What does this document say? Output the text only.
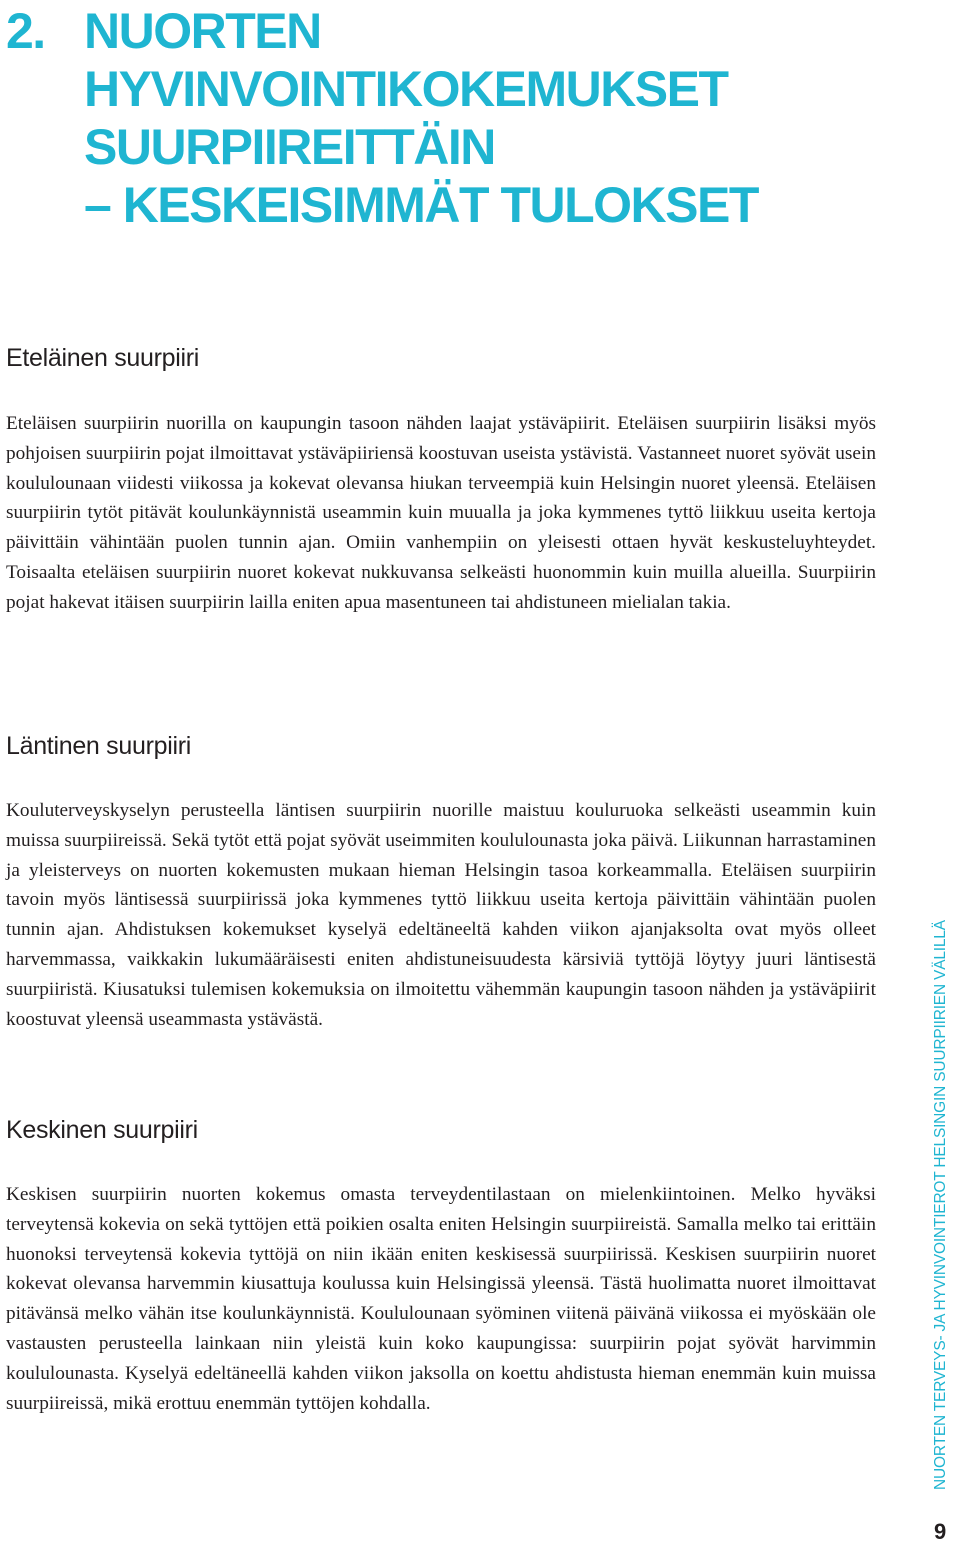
2. NUORTEN HYVINVOINTIKOKEMUKSET
SUURPIIREITTÄIN
– KESKEISIMMÄT TULOKSET
Eteläinen suurpiiri

Eteläisen suurpiirin nuorilla on kaupungin tasoon nähden laajat ystäväpiirit. Eteläisen suurpiirin lisäksi myös pohjoisen suurpiirin pojat ilmoittavat ystäväpiiriensä koostuvan useista ystävistä. Vastanneet nuoret syövät usein koululounaan viidesti viikossa ja kokevat olevansa hiukan terveempiä kuin Helsingin nuoret yleensä. Eteläisen suurpiirin tytöt pitävät koulunkäynnistä useammin kuin muualla ja joka kymmenes tyttö liikkuu useita kertoja päivittäin vähintään puolen tunnin ajan. Omiin vanhempiin on yleisesti ottaen hyvät keskusteluyhteydet. Toisaalta eteläisen suurpiirin nuoret kokevat nukkuvansa selkeästi huonommin kuin muilla alueilla. Suurpiirin pojat hakevat itäisen suurpiirin lailla eniten apua masentuneen tai ahdistuneen mielialan takia.

Läntinen suurpiiri

Kouluterveyskyselyn perusteella läntisen suurpiirin nuorille maistuu kouluruoka selkeästi useammin kuin muissa suurpiireissä. Sekä tytöt että pojat syövät useimmiten koululounasta joka päivä. Liikunnan harrastaminen ja yleisterveys on nuorten kokemusten mukaan hieman Helsingin tasoa korkeammalla. Eteläisen suurpiirin tavoin myös läntisessä suurpiirissä joka kymmenes tyttö liikkuu useita kertoja päivittäin vähintään puolen tunnin ajan. Ahdistuksen kokemukset kyselyä edeltäneeltä kahden viikon ajanjaksolta ovat myös olleet harvemmassa, vaikkakin lukumääräisesti eniten ahdistuneisuudesta kärsiviä tyttöjä löytyy juuri läntisestä suurpiiristä. Kiusatuksi tulemisen kokemuksia on ilmoitettu vähemmän kaupungin tasoon nähden ja ystäväpiirit koostuvat yleensä useammasta ystävästä.

Keskinen suurpiiri

Keskisen suurpiirin nuorten kokemus omasta terveydentilastaan on mielenkiintoinen. Melko hyväksi terveytensä kokevia on sekä tyttöjen että poikien osalta eniten Helsingin suurpiireistä. Samalla melko tai erittäin huonoksi terveytensä kokevia tyttöjä on niin ikään eniten keskisessä suurpiirissä. Keskisen suurpiirin nuoret kokevat olevansa harvemmin kiusattuja koulussa kuin Helsingissä yleensä. Tästä huolimatta nuoret ilmoittavat pitävänsä melko vähän itse koulunkäynnistä. Koululounaan syöminen viitenä päivänä viikossa ei myöskään ole vastausten perusteella lainkaan niin yleistä kuin koko kaupungissa: suurpiirin pojat syövät harvimmin koululounasta. Kyselyä edeltäneellä kahden viikon jaksolla on koettu ahdistusta hieman enemmän kuin muissa suurpiireissä, mikä erottuu enemmän tyttöjen kohdalla.	NUORTEN TERVEYS- JA HYVINVOINTIEROT HELSINGIN SUURPIIRIEN VÄLILLÄ
9
